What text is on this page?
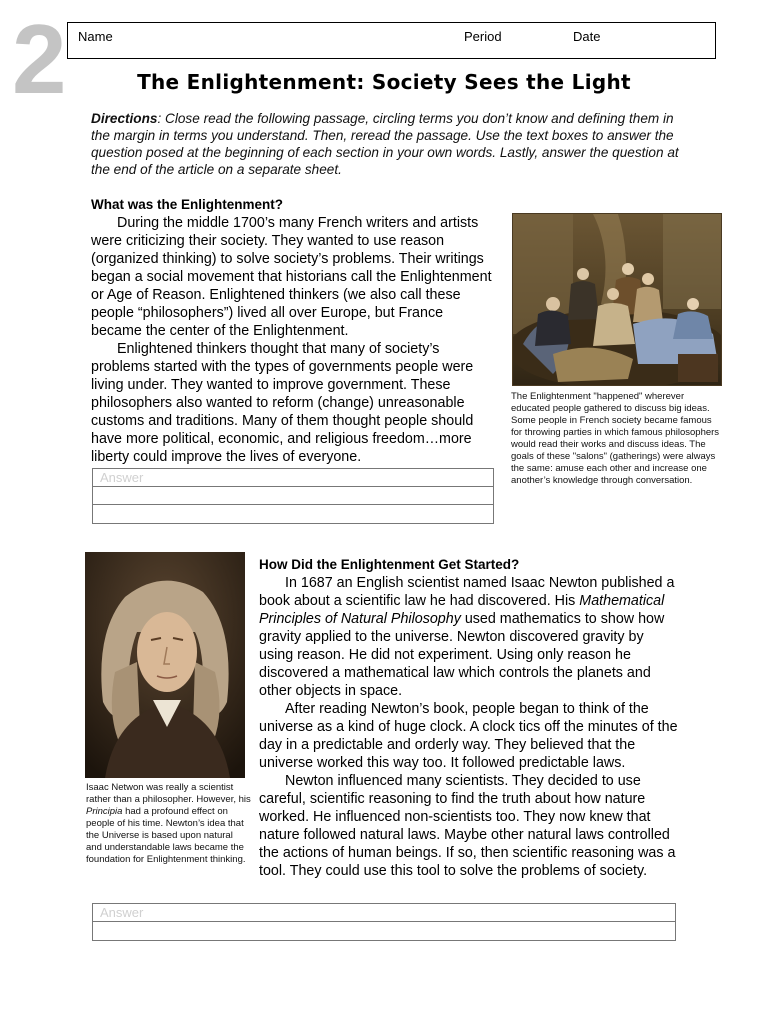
2 Name	Period	Date
The Enlightenment: Society Sees the Light
Directions: Close read the following passage, circling terms you don’t know and defining them in the margin in terms you understand. Then, reread the passage. Use the text boxes to answer the question posed at the beginning of each section in your own words. Lastly, answer the question at the end of the article on a separate sheet.
What was the Enlightenment?

During the middle 1700’s many French writers and artists were criticizing their society. They wanted to use reason (organized thinking) to solve society’s problems. Their writings began a social movement that historians call the Enlightenment or Age of Reason. Enlightened thinkers (we also call these people “philosophers”) lived all over Europe, but France became the center of the Enlightenment.

Enlightened thinkers thought that many of society’s problems started with the types of governments people were living under. They wanted to improve government. These philosophers also wanted to reform (change) unreasonable customs and traditions. Many of them thought people should have more political, economic, and religious freedom…more liberty could improve the lives of everyone.

Answer
The Enlightenment "happened" wherever educated people gathered to discuss big ideas. Some people in French society became famous for throwing parties in which famous philosophers would read their works and discuss ideas. The goals of these "salons" (gatherings) were always the same: amuse each other and increase one another’s knowledge through conversation.
Isaac Netwon was really a scientist rather than a philosopher. However, his Principia had a profound effect on people of his time. Newton’s idea that the Universe is based upon natural and understandable laws became the foundation for Enlightenment thinking.
How Did the Enlightenment Get Started?

In 1687 an English scientist named Isaac Newton published a book about a scientific law he had discovered. His Mathematical Principles of Natural Philosophy used mathematics to show how gravity applied to the universe. Newton discovered gravity by using reason. He did not experiment. Using only reason he discovered a mathematical law which controls the planets and other objects in space.

After reading Newton’s book, people began to think of the universe as a kind of huge clock. A clock tics off the minutes of the day in a predictable and orderly way. They believed that the universe worked this way too. It followed predictable laws.

Newton influenced many scientists. They decided to use careful, scientific reasoning to find the truth about how nature worked. He influenced non-scientists too. They now knew that nature followed natural laws. Maybe other natural laws controlled the actions of human beings. If so, then scientific reasoning was a tool. They could use this tool to solve the problems of society.

Answer
